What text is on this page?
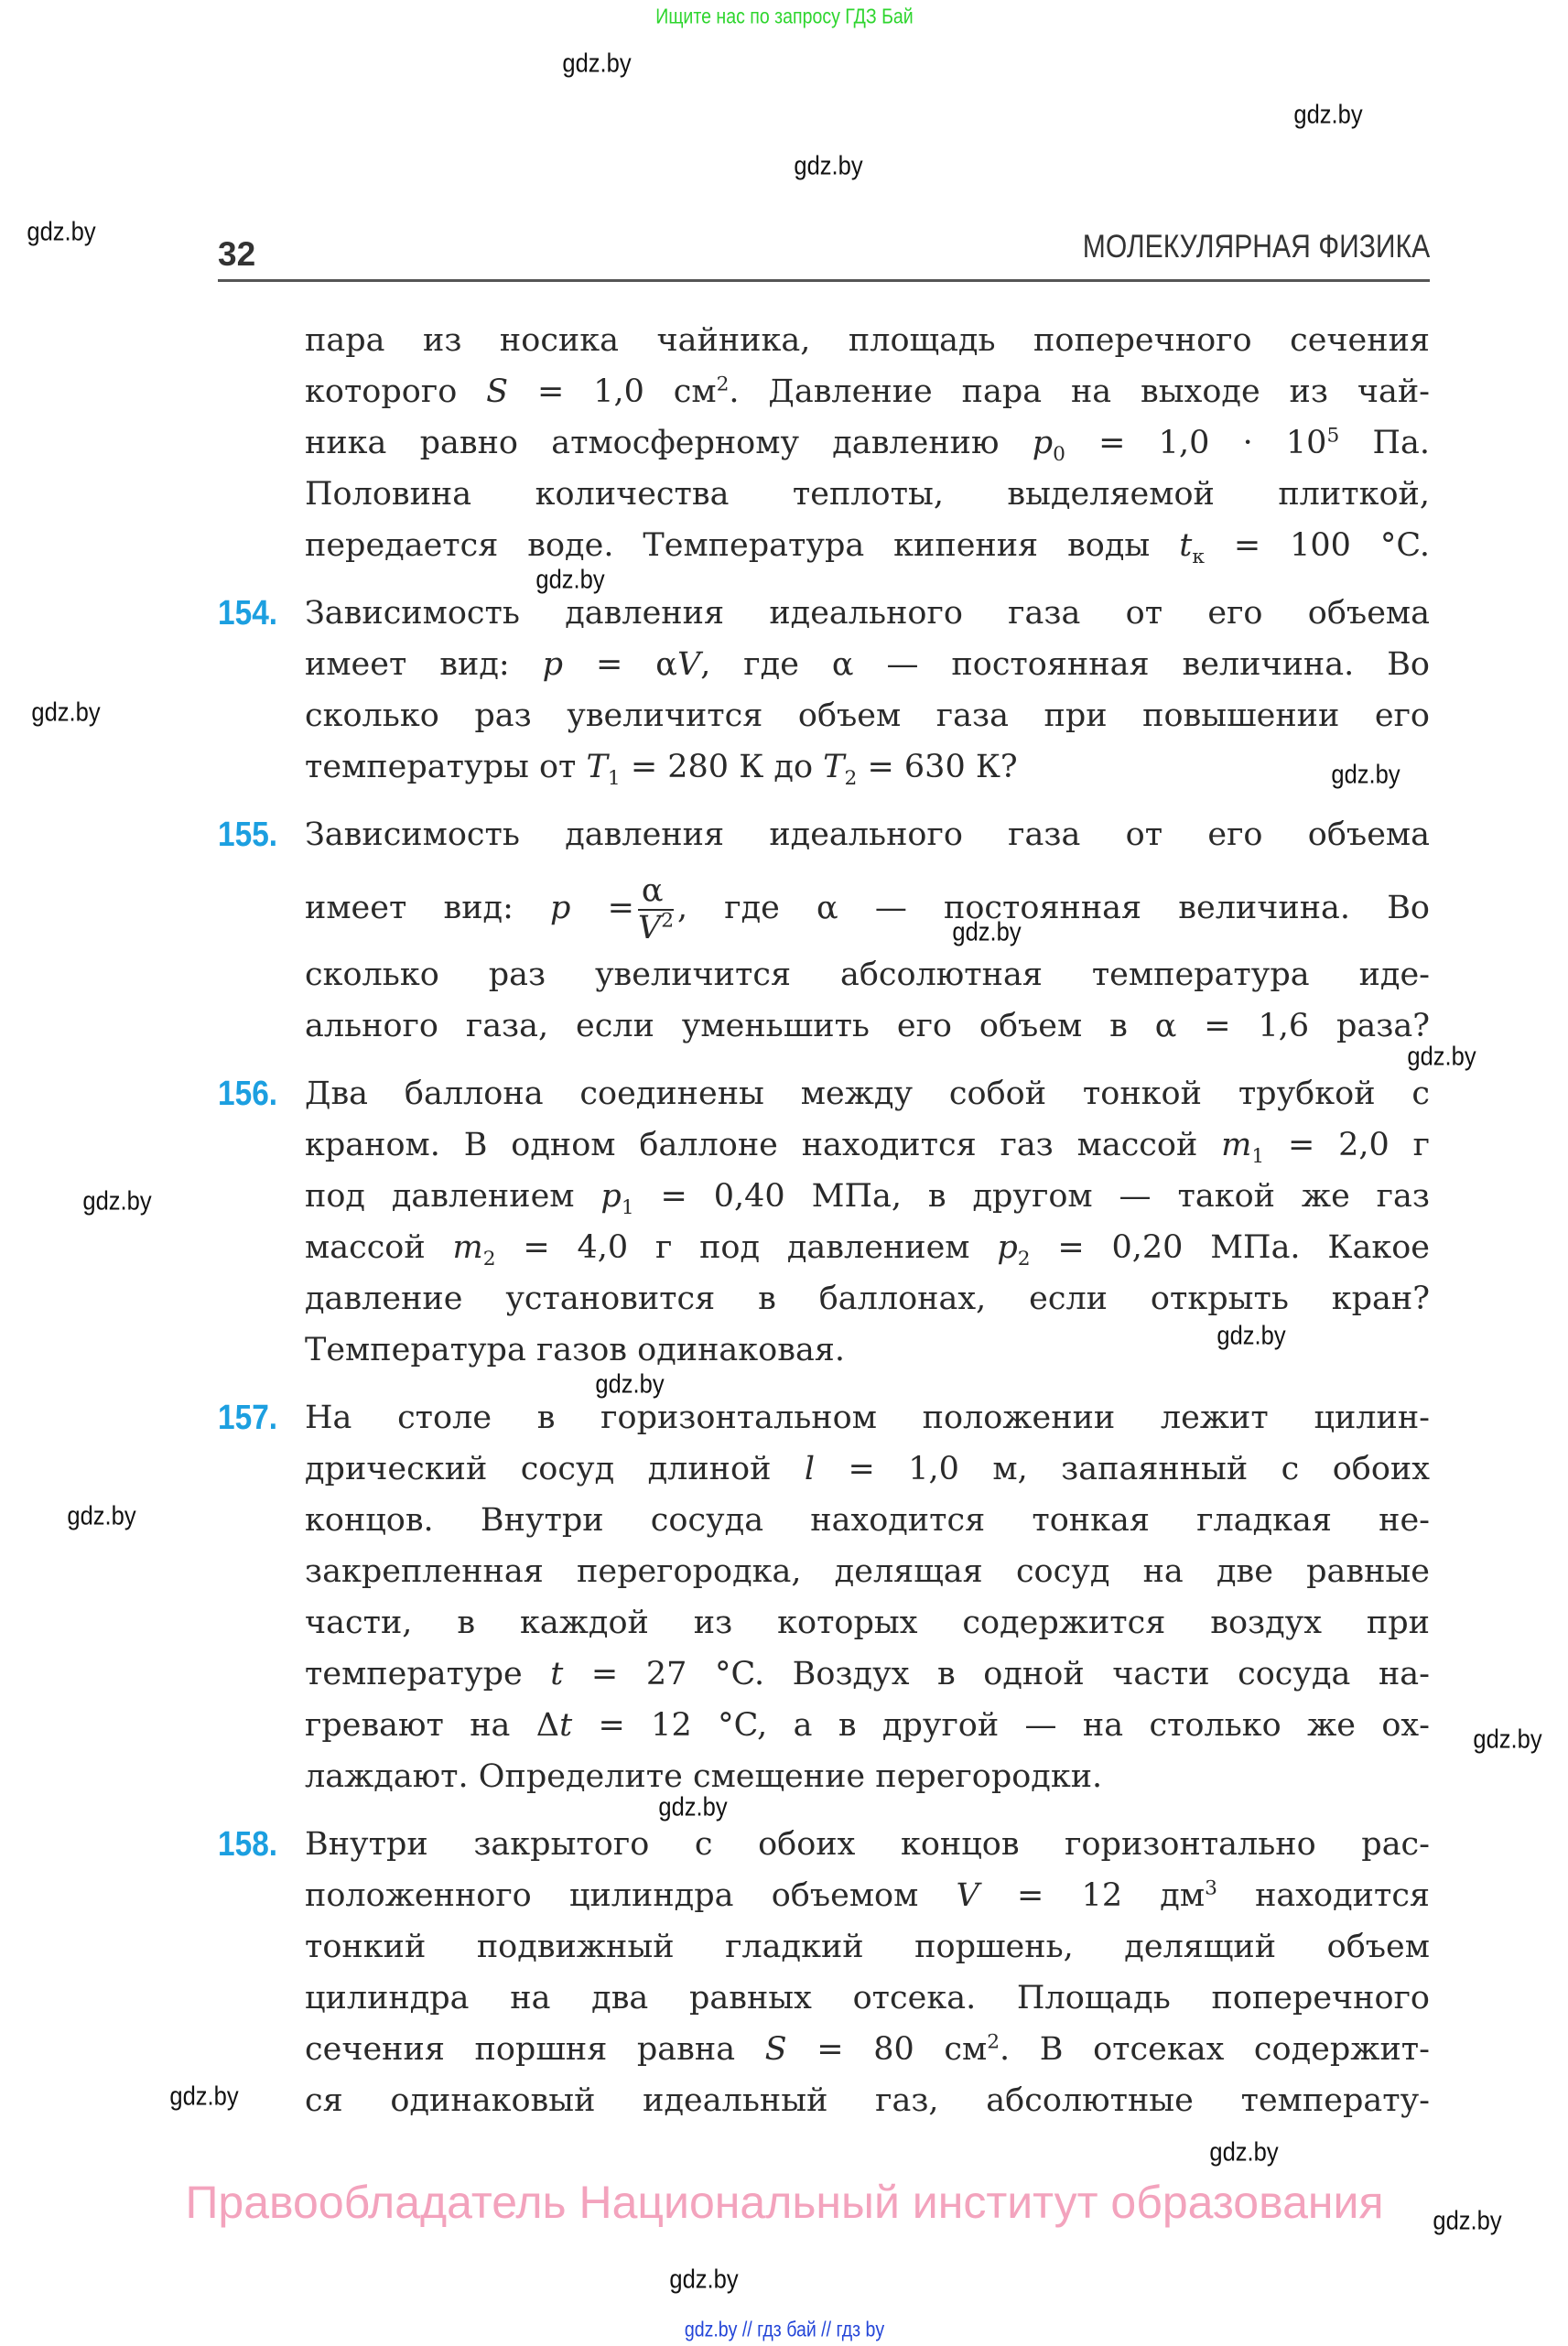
Ищите нас по запросу ГДЗ Бай
32	МОЛЕКУЛЯРНАЯ ФИЗИКА
пара из носика чайника, площадь поперечного сечения
которого S = 1,0 $см^2$. Давление пара на выходе из чай-
ника равно атмосферному давлению $p_0 = 1,0 \cdot 10^5$ Па.
Половина количества теплоты, выделяемой плиткой,
передается воде. Температура кипения воды $t_к = 100$ °C.
154. Зависимость давления идеального газа от его объема
имеет вид: p = αV, где α — постоянная величина. Во
сколько раз увеличится объем газа при повышении его
температуры от $T_1 = 280$ К до $T_2 = 630$ К?
155. Зависимость давления идеального газа от его объема
имеет вид: $p = \frac{\alpha}{V^2}$ , где α — постоянная величина. Во
сколько раз увеличится абсолютная температура иде-
ального газа, если уменьшить его объем в α = 1,6 раза?
156. Два баллона соединены между собой тонкой трубкой с
краном. В одном баллоне находится газ массой $m_1 = 2,0$ г
под давлением $p_1 = 0,40$ МПа, в другом — такой же газ
массой $m_2 = 4,0$ г под давлением $p_2 = 0,20$ МПа. Какое
давление установится в баллонах, если открыть кран?
Температура газов одинаковая.
157. На столе в горизонтальном положении лежит цилин-
дрический сосуд длиной l = 1,0 м, запаянный с обоих
концов. Внутри сосуда находится тонкая гладкая не-
закрепленная перегородка, делящая сосуд на две равные
части, в каждой из которых содержится воздух при
температуре t = 27 °C. Воздух в одной части сосуда на-
гревают на Δt = 12 °C, а в другой — на столько же ох-
лаждают. Определите смещение перегородки.
158. Внутри закрытого с обоих концов горизонтально рас-
положенного цилиндра объемом V = 12 $дм^3$ находится
тонкий подвижный гладкий поршень, делящий объем
цилиндра на два равных отсека. Площадь поперечного
сечения поршня равна S = 80 $см^2$. В отсеках содержит-
ся одинаковый идеальный газ, абсолютные температу-
gdz.by
gdz.by
gdz.by
gdz.by
gdz.by
gdz.by
gdz.by
gdz.by
gdz.by
gdz.by
gdz.by
gdz.by
gdz.by
gdz.by
gdz.by
gdz.by
gdz.by
gdz.by
gdz.by
Правообладатель Национальный институт образования
gdz.by // гдз бай // гдз by
